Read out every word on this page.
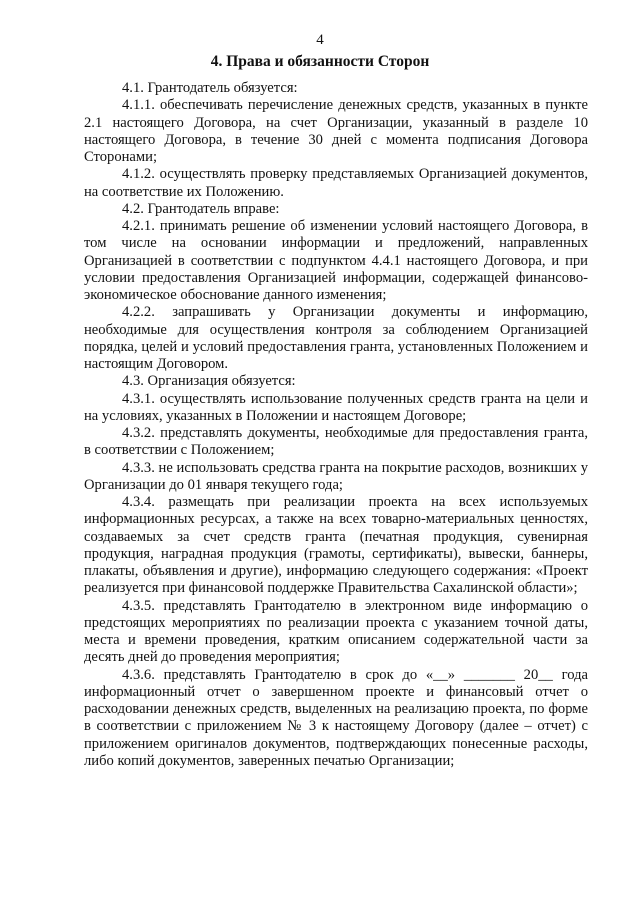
4
4. Права и обязанности Сторон

4.1. Грантодатель обязуется:

4.1.1. обеспечивать перечисление денежных средств, указанных в пункте 2.1 настоящего Договора, на счет Организации, указанный в разделе 10 настоящего Договора, в течение 30 дней с момента подписания Договора Сторонами;

4.1.2. осуществлять проверку представляемых Организацией документов, на соответствие их Положению.

4.2. Грантодатель вправе:

4.2.1. принимать решение об изменении условий настоящего Договора, в том числе на основании информации и предложений, направленных Организацией в соответствии с подпунктом 4.4.1 настоящего Договора, и при условии предоставления Организацией информации, содержащей финансово-экономическое обоснование данного изменения;

4.2.2. запрашивать у Организации документы и информацию, необходимые для осуществления контроля за соблюдением Организацией порядка, целей и условий предоставления гранта, установленных Положением и настоящим Договором.

4.3. Организация обязуется:

4.3.1. осуществлять использование полученных средств гранта на цели и на условиях, указанных в Положении и настоящем Договоре;

4.3.2. представлять документы, необходимые для предоставления гранта, в соответствии с Положением;

4.3.3. не использовать средства гранта на покрытие расходов, возникших у Организации до 01 января текущего года;

4.3.4. размещать при реализации проекта на всех используемых информационных ресурсах, а также на всех товарно-материальных ценностях, создаваемых за счет средств гранта (печатная продукция, сувенирная продукция, наградная продукция (грамоты, сертификаты), вывески, баннеры, плакаты, объявления и другие), информацию следующего содержания: «Проект реализуется при финансовой поддержке Правительства Сахалинской области»;

4.3.5. представлять Грантодателю в электронном виде информацию о предстоящих мероприятиях по реализации проекта с указанием точной даты, места и времени проведения, кратким описанием содержательной части за десять дней до проведения мероприятия;

4.3.6. представлять Грантодателю в срок до «__» _______ 20__ года информационный отчет о завершенном проекте и финансовый отчет о расходовании денежных средств, выделенных на реализацию проекта, по форме в соответствии с приложением № 3 к настоящему Договору (далее – отчет) с приложением оригиналов документов, подтверждающих понесенные расходы, либо копий документов, заверенных печатью Организации;
